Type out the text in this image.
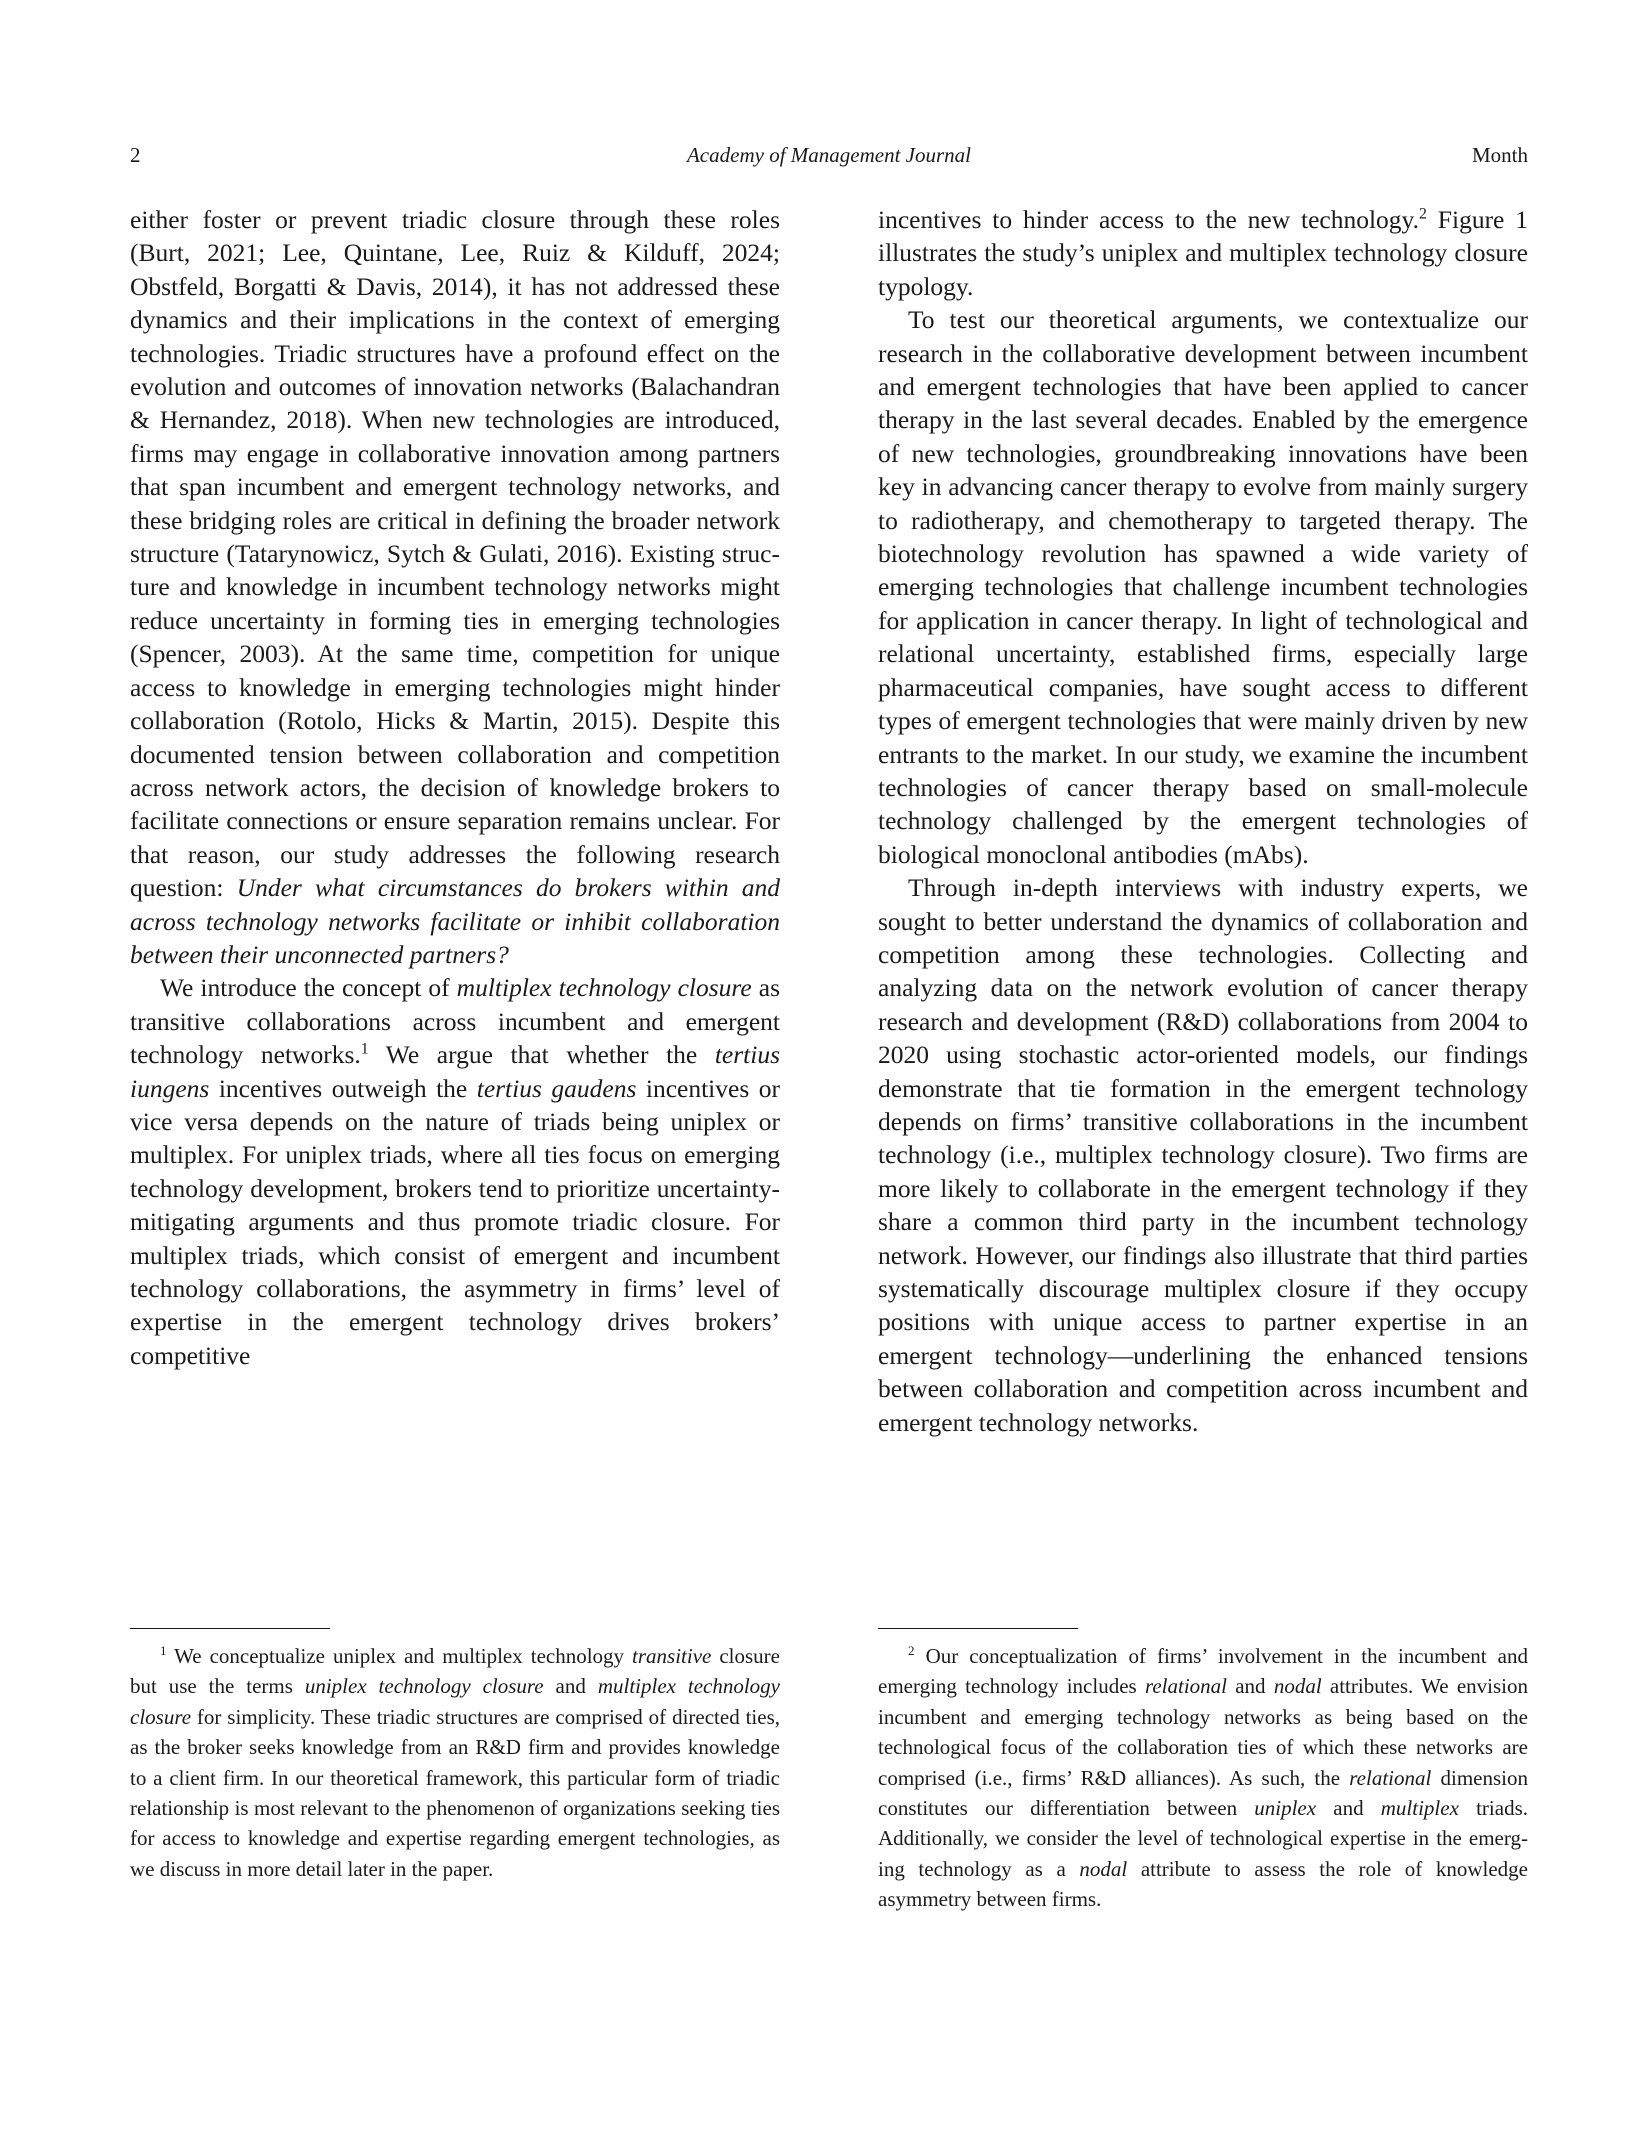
2	Academy of Management Journal	Month

either foster or prevent triadic closure through these roles (Burt, 2021; Lee, Quintane, Lee, Ruiz & Kilduff, 2024; Obstfeld, Borgatti & Davis, 2014), it has not addressed these dynamics and their implications in the context of emerging technologies. Triadic structures have a profound effect on the evolution and outcomes of innovation networks (Balachandran & Hernandez, 2018). When new technologies are introduced, firms may engage in collaborative innovation among partners that span incumbent and emergent technology networks, and these bridging roles are critical in defining the broader network structure (Tatarynowicz, Sytch & Gulati, 2016). Existing structure and knowledge in incumbent technology networks might reduce uncertainty in forming ties in emerging technologies (Spencer, 2003). At the same time, competition for unique access to knowledge in emerging technologies might hinder collaboration (Rotolo, Hicks & Martin, 2015). Despite this documented tension between collaboration and competition across network actors, the decision of knowledge brokers to facilitate connections or ensure separation remains unclear. For that reason, our study addresses the following research question: Under what circumstances do brokers within and across technology networks facilitate or inhibit collaboration between their unconnected partners?

We introduce the concept of multiplex technology closure as transitive collaborations across incumbent and emergent technology networks.$^1$ We argue that whether the tertius iungens incentives outweigh the tertius gaudens incentives or vice versa depends on the nature of triads being uniplex or multiplex. For uniplex triads, where all ties focus on emerging technology development, brokers tend to prioritize uncertainty-mitigating arguments and thus promote triadic closure. For multiplex triads, which consist of emergent and incumbent technology collaborations, the asymmetry in firms’ level of expertise in the emergent technology drives brokers’ competitive

incentives to hinder access to the new technology.$^2$ Figure 1 illustrates the study’s uniplex and multiplex technology closure typology.

To test our theoretical arguments, we contextualize our research in the collaborative development between incumbent and emergent technologies that have been applied to cancer therapy in the last several decades. Enabled by the emergence of new technologies, groundbreaking innovations have been key in advancing cancer therapy to evolve from mainly surgery to radiotherapy, and chemotherapy to targeted therapy. The biotechnology revolution has spawned a wide variety of emerging technologies that challenge incumbent technologies for application in cancer therapy. In light of technological and relational uncertainty, established firms, especially large pharmaceutical companies, have sought access to different types of emergent technologies that were mainly driven by new entrants to the market. In our study, we examine the incumbent technologies of cancer therapy based on small-molecule technology challenged by the emergent technologies of biological monoclonal antibodies (mAbs).

Through in-depth interviews with industry experts, we sought to better understand the dynamics of collaboration and competition among these technologies. Collecting and analyzing data on the network evolution of cancer therapy research and development (R&D) collaborations from 2004 to 2020 using stochastic actor-oriented models, our findings demonstrate that tie formation in the emergent technology depends on firms’ transitive collaborations in the incumbent technology (i.e., multiplex technology closure). Two firms are more likely to collaborate in the emergent technology if they share a common third party in the incumbent technology network. However, our findings also illustrate that third parties systematically discourage multiplex closure if they occupy positions with unique access to partner expertise in an emergent technology—underlining the enhanced tensions between collaboration and competition across incumbent and emergent technology networks.

$^1$ We conceptualize uniplex and multiplex technology transitive closure but use the terms uniplex technology closure and multiplex technology closure for simplicity. These triadic structures are comprised of directed ties, as the broker seeks knowledge from an R&D firm and provides knowledge to a client firm. In our theoretical framework, this particular form of triadic relationship is most relevant to the phenomenon of organizations seeking ties for access to knowledge and expertise regarding emergent technologies, as we discuss in more detail later in the paper.

$^2$ Our conceptualization of firms’ involvement in the incumbent and emerging technology includes relational and nodal attributes. We envision incumbent and emerging technology networks as being based on the technological focus of the collaboration ties of which these networks are comprised (i.e., firms’ R&D alliances). As such, the relational dimension constitutes our differentiation between uniplex and multiplex triads. Additionally, we consider the level of technological expertise in the emerging technology as a nodal attribute to assess the role of knowledge asymmetry between firms.
